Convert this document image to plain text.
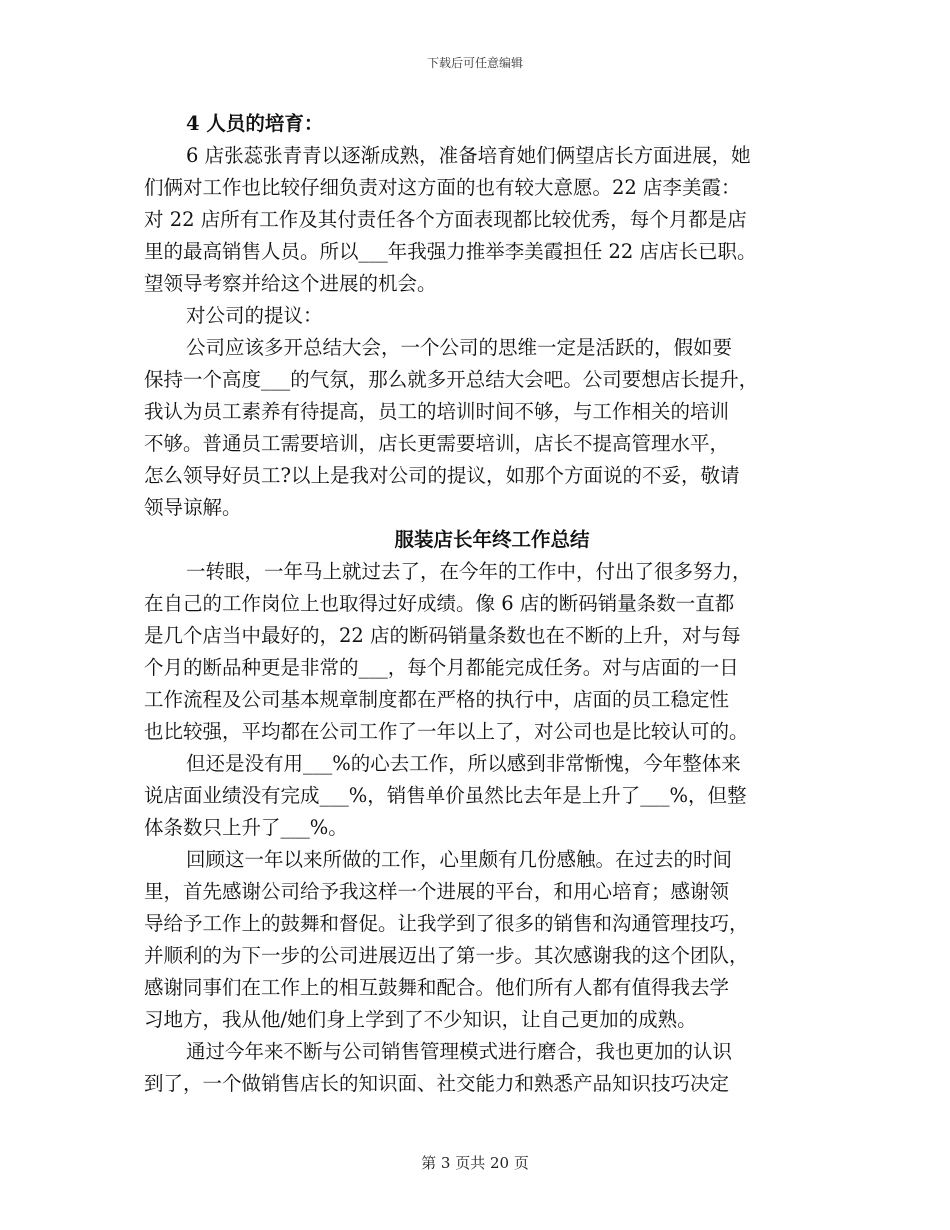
下载后可任意编辑
4 人员的培育：
6 店张蕊张青青以逐渐成熟，准备培育她们俩望店长方面进展，她
们俩对工作也比较仔细负责对这方面的也有较大意愿。22 店李美霞：
对 22 店所有工作及其付责任各个方面表现都比较优秀，每个月都是店
里的最高销售人员。所以___年我强力推举李美霞担任 22 店店长已职。
望领导考察并给这个进展的机会。
对公司的提议：
公司应该多开总结大会，一个公司的思维一定是活跃的，假如要
保持一个高度___的气氛，那么就多开总结大会吧。公司要想店长提升，
我认为员工素养有待提高，员工的培训时间不够，与工作相关的培训
不够。普通员工需要培训，店长更需要培训，店长不提高管理水平，
怎么领导好员工?以上是我对公司的提议，如那个方面说的不妥，敬请
领导谅解。
服装店长年终工作总结
一转眼，一年马上就过去了，在今年的工作中，付出了很多努力，
在自己的工作岗位上也取得过好成绩。像 6 店的断码销量条数一直都
是几个店当中最好的，22 店的断码销量条数也在不断的上升，对与每
个月的断品种更是非常的___，每个月都能完成任务。对与店面的一日
工作流程及公司基本规章制度都在严格的执行中，店面的员工稳定性
也比较强，平均都在公司工作了一年以上了，对公司也是比较认可的。
但还是没有用___%的心去工作，所以感到非常惭愧，今年整体来
说店面业绩没有完成___%，销售单价虽然比去年是上升了___%，但整
体条数只上升了___%。
回顾这一年以来所做的工作，心里颇有几份感触。在过去的时间
里，首先感谢公司给予我这样一个进展的平台，和用心培育；感谢领
导给予工作上的鼓舞和督促。让我学到了很多的销售和沟通管理技巧，
并顺利的为下一步的公司进展迈出了第一步。其次感谢我的这个团队，
感谢同事们在工作上的相互鼓舞和配合。他们所有人都有值得我去学
习地方，我从他/她们身上学到了不少知识，让自己更加的成熟。
通过今年来不断与公司销售管理模式进行磨合，我也更加的认识
到了，一个做销售店长的知识面、社交能力和熟悉产品知识技巧决定
第 3 页共 20 页
